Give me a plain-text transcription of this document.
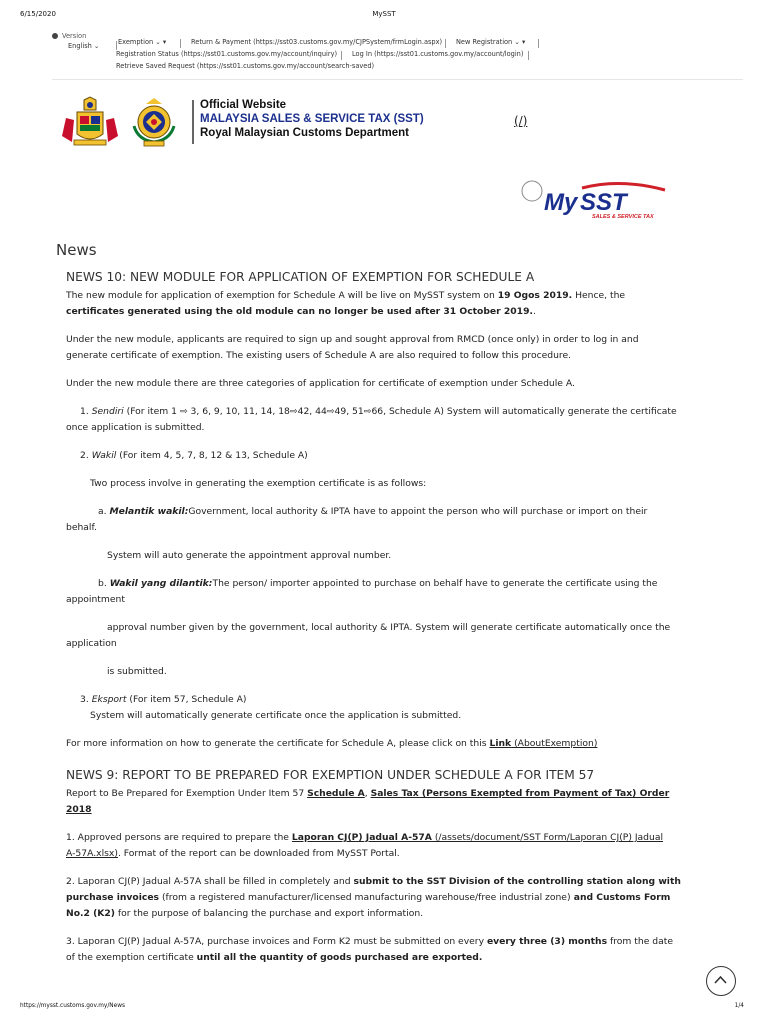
6/15/2020	MySST
Version
English ⌄	Exemption ⌄ ▾	Return & Payment (https://sst03.customs.gov.my/CJPSystem/frmLogin.aspx) New Registration ⌄ ▾
Registration Status (https://sst01.customs.gov.my/account/inquiry) Log In (https://sst01.customs.gov.my/account/login)
Retrieve Saved Request (https://sst01.customs.gov.my/account/search-saved)
Official Website
MALAYSIA SALES & SERVICE TAX (SST)
Royal Malaysian Customs Department
(/)
My SST
SALES & SERVICE TAX
News
NEWS 10: NEW MODULE FOR APPLICATION OF EXEMPTION FOR SCHEDULE A
The new module for application of exemption for Schedule A will be live on MySST system on 19 Ogos 2019. Hence, the
certificates generated using the old module can no longer be used after 31 October 2019..
Under the new module, applicants are required to sign up and sought approval from RMCD (once only) in order to log in and
generate certificate of exemption. The existing users of Schedule A are also required to follow this procedure.
Under the new module there are three categories of application for certificate of exemption under Schedule A.
1. Sendiri (For item 1 ⇨ 3, 6, 9, 10, 11, 14, 18⇨42, 44⇨49, 51⇨66, Schedule A) System will automatically generate the certificate
once application is submitted.
2. Wakil (For item 4, 5, 7, 8, 12 & 13, Schedule A)
Two process involve in generating the exemption certificate is as follows:
a. Melantik wakil:Government, local authority & IPTA have to appoint the person who will purchase or import on their
behalf.
System will auto generate the appointment approval number.
b. Wakil yang dilantik:The person/ importer appointed to purchase on behalf have to generate the certificate using the
appointment
approval number given by the government, local authority & IPTA. System will generate certificate automatically once the
application
is submitted.
3. Eksport (For item 57, Schedule A)
System will automatically generate certificate once the application is submitted.
For more information on how to generate the certificate for Schedule A, please click on this Link (AboutExemption)
NEWS 9: REPORT TO BE PREPARED FOR EXEMPTION UNDER SCHEDULE A FOR ITEM 57
Report to Be Prepared for Exemption Under Item 57 Schedule A, Sales Tax (Persons Exempted from Payment of Tax) Order
2018
1. Approved persons are required to prepare the Laporan CJ(P) Jadual A-57A (/assets/document/SST Form/Laporan CJ(P) Jadual
A-57A.xlsx). Format of the report can be downloaded from MySST Portal.
2. Laporan CJ(P) Jadual A-57A shall be filled in completely and submit to the SST Division of the controlling station along with
purchase invoices (from a registered manufacturer/licensed manufacturing warehouse/free industrial zone) and Customs Form
No.2 (K2) for the purpose of balancing the purchase and export information.
3. Laporan CJ(P) Jadual A-57A, purchase invoices and Form K2 must be submitted on every every three (3) months from the date
of the exemption certificate until all the quantity of goods purchased are exported.
https://mysst.customs.gov.my/News	1/4
